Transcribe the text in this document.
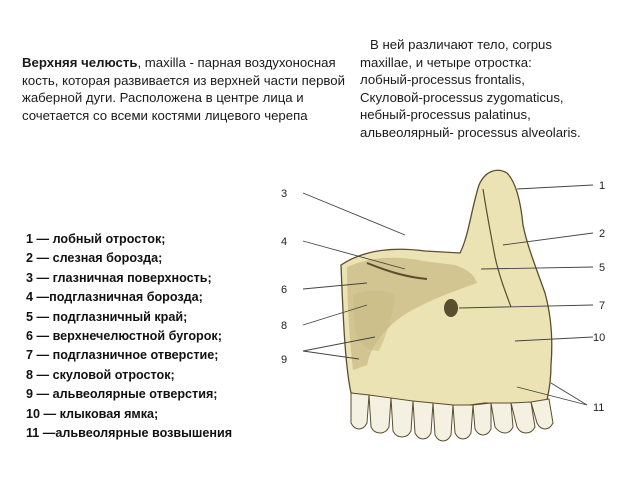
Верхняя челюсть, maxilla - парная воздухоносная кость, которая развивается из верхней части первой жаберной дуги. Расположена в центре лица и сочетается со всеми костями лицевого черепа
В ней различают тело, corpus
maxillae, и четыре отростка:
лобный-processus frontalis,
Скуловой-processus zygomaticus,
небный-processus palatinus,
альвеолярный- processus alveolaris.
1 — лобный отросток;
2 — слезная борозда;
3 — глазничная поверхность;
4 —подглазничная борозда;
5 — подглазничный край;
6 — верхнечелюстной бугорок;
7 — подглазничное отверстие;
8 — скуловой отросток;
9 — альвеолярные отверстия;
10 — клыковая ямка;
11 —альвеолярные возвышения
1
2
3
4
5
6
7
8
9
10
11
